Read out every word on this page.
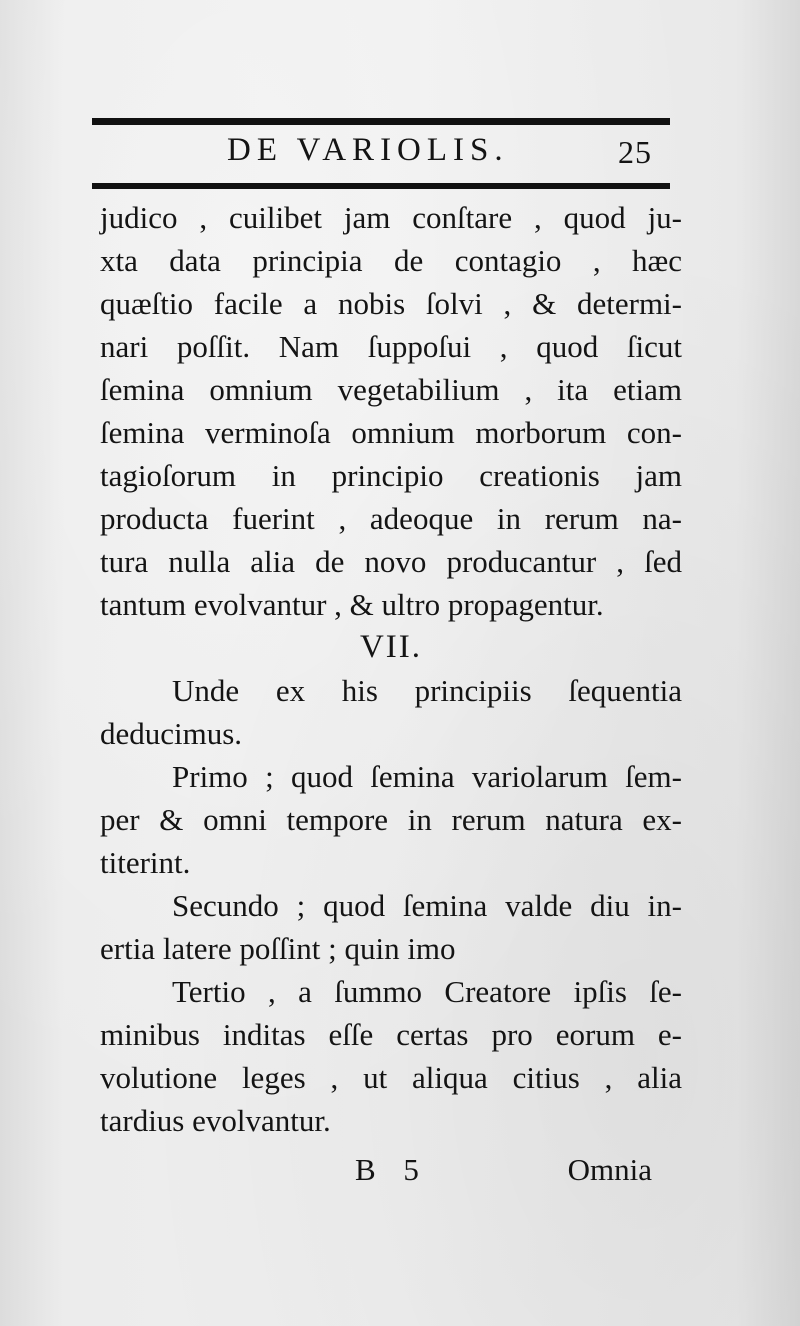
DE VARIOLIS.	25
judico , cuilibet jam conſtare , quod ju-
xta data principia de contagio , hæc
quæſtio facile a nobis ſolvi , & determi-
nari poſſit. Nam ſuppoſui , quod ſicut
ſemina omnium vegetabilium , ita etiam
ſemina verminoſa omnium morborum con-
tagioſorum in principio creationis jam
producta fuerint , adeoque in rerum na-
tura nulla alia de novo producantur , ſed
tantum evolvantur , & ultro propagentur.
VII.
Unde ex his principiis ſequentia
deducimus.
Primo ; quod ſemina variolarum ſem-
per & omni tempore in rerum natura ex-
titerint.
Secundo ; quod ſemina valde diu in-
ertia latere poſſint ; quin imo
Tertio , a ſummo Creatore ipſis ſe-
minibus inditas eſſe certas pro eorum e-
volutione leges , ut aliqua citius , alia
tardius evolvantur.
B 5	Omnia
